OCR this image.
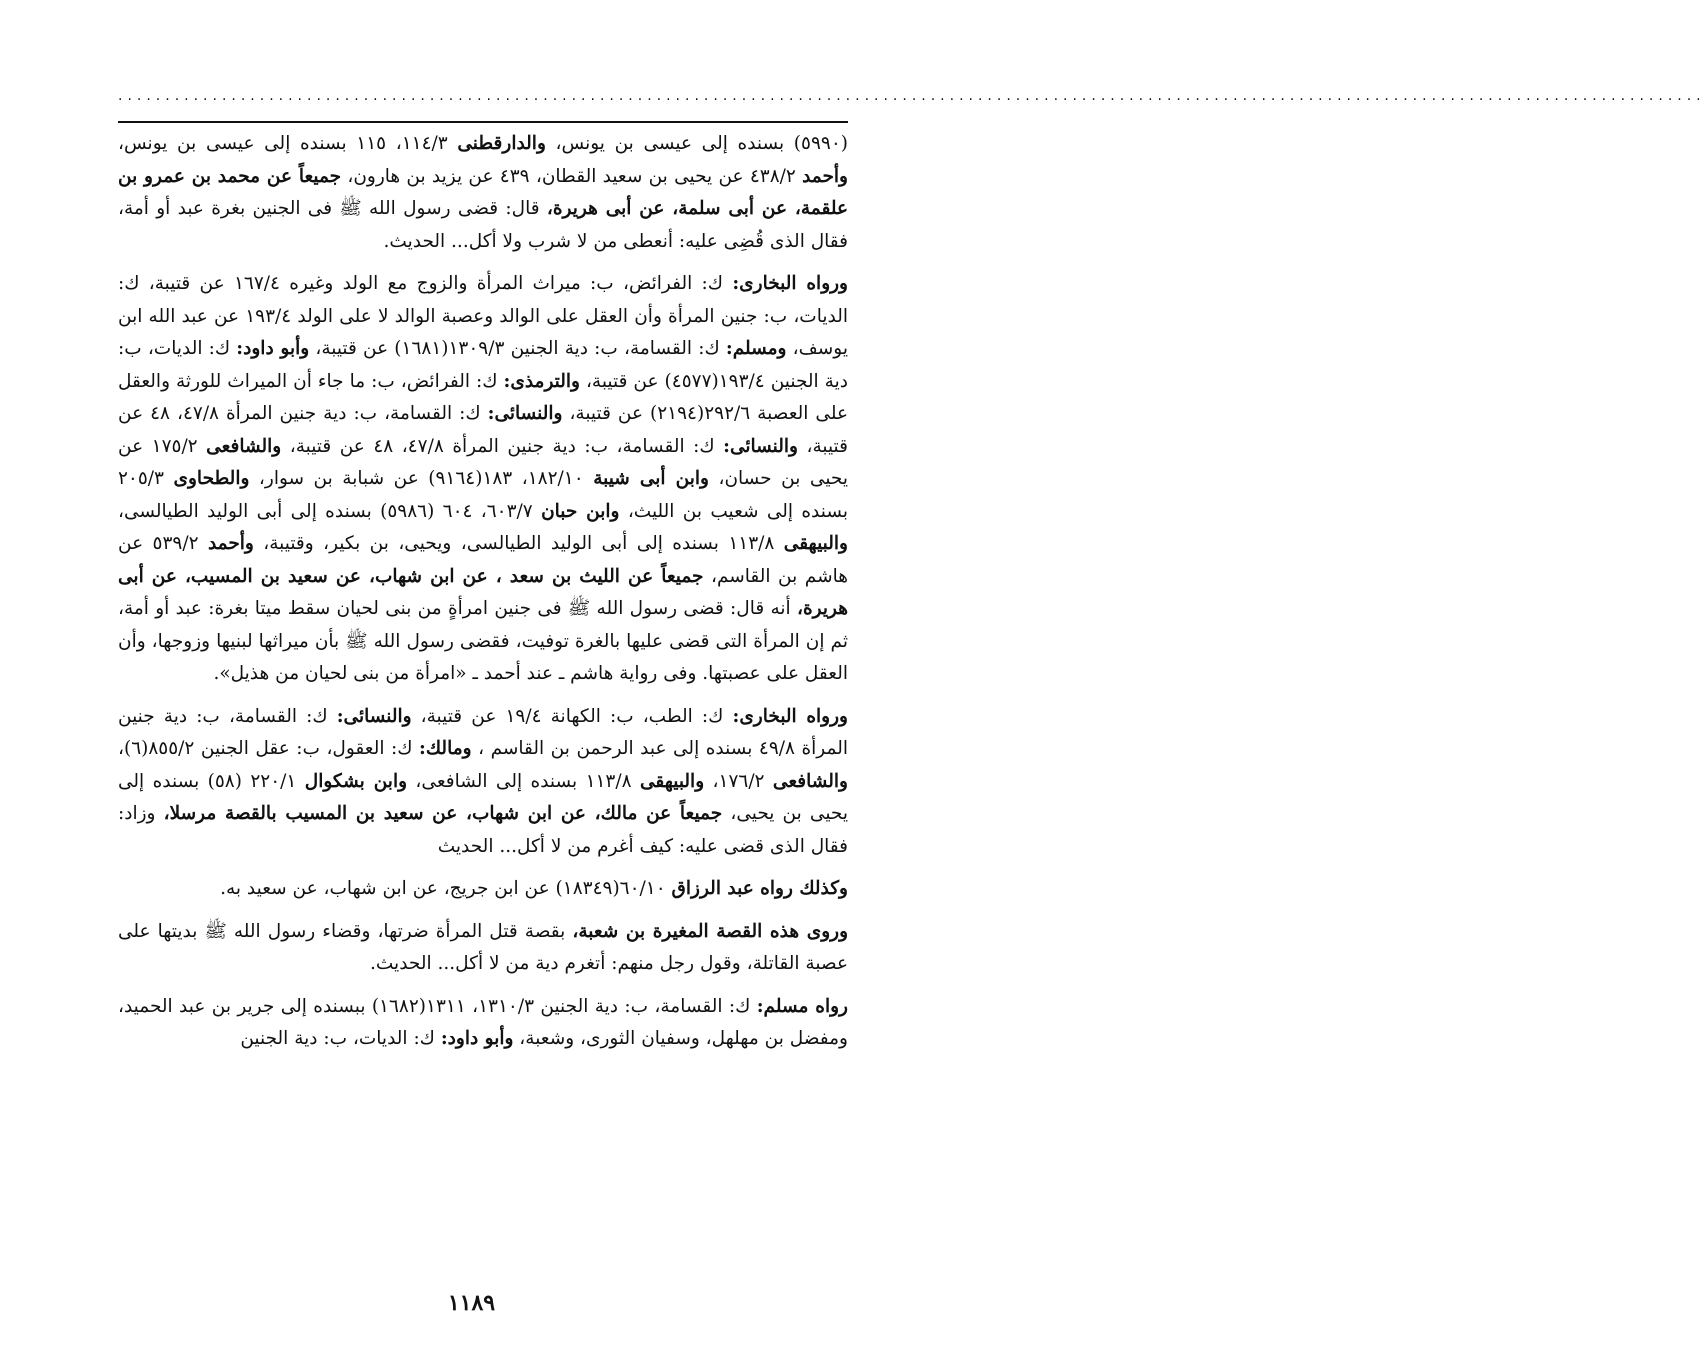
........................................................................................................................................................................

(٥٩٩٠) بسنده إلى عيسى بن يونس، والدارقطنى ١١٤/٣، ١١٥ بسنده إلى عيسى بن يونس، وأحمد ٤٣٨/٢ عن يحيى بن سعيد القطان، ٤٣٩ عن يزيد بن هارون، جميعاً عن محمد بن عمرو بن علقمة، عن أبى سلمة، عن أبى هريرة، قال: قضى رسول الله ﷺ فى الجنين بغرة عبد أو أمة، فقال الذى قُضِى عليه: أنعطى من لا شرب ولا أكل... الحديث.

ورواه البخارى: ك: الفرائض، ب: ميراث المرأة والزوج مع الولد وغيره ١٦٧/٤ عن قتيبة، ك: الديات، ب: جنين المرأة وأن العقل على الوالد وعصبة الوالد لا على الولد ١٩٣/٤ عن عبد الله ابن يوسف، ومسلم: ك: القسامة، ب: دية الجنين ١٣٠٩/٣(١٦٨١) عن قتيبة، وأبو داود: ك: الديات، ب: دية الجنين ١٩٣/٤(٤٥٧٧) عن قتيبة، والترمذى: ك: الفرائض، ب: ما جاء أن الميراث للورثة والعقل على العصبة ٢٩٢/٦(٢١٩٤) عن قتيبة، والنسائى: ك: القسامة، ب: دية جنين المرأة ٤٧/٨، ٤٨ عن قتيبة، والنسائى: ك: القسامة، ب: دية جنين المرأة ٤٧/٨، ٤٨ عن قتيبة، والشافعى ١٧٥/٢ عن يحيى بن حسان، وابن أبى شيبة ١٨٢/١٠، ١٨٣(٩١٦٤) عن شبابة بن سوار، والطحاوى ٢٠٥/٣ بسنده إلى شعيب بن الليث، وابن حبان ٦٠٣/٧، ٦٠٤ (٥٩٨٦) بسنده إلى أبى الوليد الطيالسى، والبيهقى ١١٣/٨ بسنده إلى أبى الوليد الطيالسى، ويحيى، بن بكير، وقتيبة، وأحمد ٥٣٩/٢ عن هاشم بن القاسم، جميعاً عن الليث بن سعد ، عن ابن شهاب، عن سعيد بن المسيب، عن أبى هريرة، أنه قال: قضى رسول الله ﷺ فى جنين امرأةٍ من بنى لحيان سقط ميتا بغرة: عبد أو أمة، ثم إن المرأة التى قضى عليها بالغرة توفيت، فقضى رسول الله ﷺ بأن ميراثها لبنيها وزوجها، وأن العقل على عصبتها. وفى رواية هاشم ـ عند أحمد ـ «امرأة من بنى لحيان من هذيل».

ورواه البخارى: ك: الطب، ب: الكهانة ١٩/٤ عن قتيبة، والنسائى: ك: القسامة، ب: دية جنين المرأة ٤٩/٨ بسنده إلى عبد الرحمن بن القاسم ، ومالك: ك: العقول، ب: عقل الجنين ٨٥٥/٢(٦)، والشافعى ١٧٦/٢، والبيهقى ١١٣/٨ بسنده إلى الشافعى، وابن بشكوال ٢٢٠/١ (٥٨) بسنده إلى يحيى بن يحيى، جميعاً عن مالك، عن ابن شهاب، عن سعيد بن المسيب بالقصة مرسلا، وزاد: فقال الذى قضى عليه: كيف أغرم من لا أكل... الحديث

وكذلك رواه عبد الرزاق ٦٠/١٠(١٨٣٤٩) عن ابن جريج، عن ابن شهاب، عن سعيد به.

وروى هذه القصة المغيرة بن شعبة، بقصة قتل المرأة ضرتها، وقضاء رسول الله ﷺ بديتها على عصبة القاتلة، وقول رجل منهم: أتغرم دية من لا أكل... الحديث.

رواه مسلم: ك: القسامة، ب: دية الجنين ١٣١٠/٣، ١٣١١(١٦٨٢) ببسنده إلى جرير بن عبد الحميد، ومفضل بن مهلهل، وسفيان الثورى، وشعبة، وأبو داود: ك: الديات، ب: دية الجنين

١١٨٩
